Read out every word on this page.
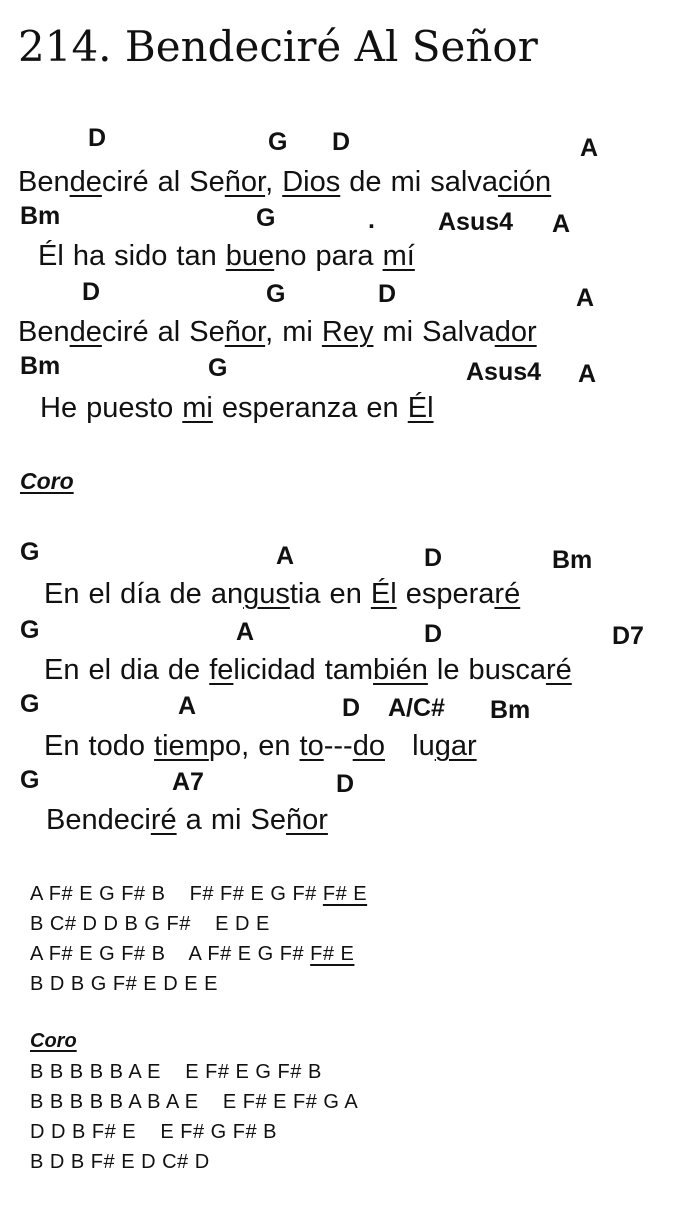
214. Bendeciré Al Señor
D	G D	A
Bendeciré al Señor, Dios de mi salvación
Bm	G	.	Asus4 A
Él ha sido tan bueno para mí
D	G	D	A
Bendeciré al Señor, mi Rey mi Salvador
Bm	G	Asus4 A
He puesto mi esperanza en Él
Coro
G	A	D	Bm
En el día de angustia en Él esperaré
G	A	D	D7
En el dia de felicidad también le buscaré
G	A	D A/C# Bm
En todo tiempo, en to---do   lugar
G	A7	D
Bendeciré a mi Señor
A F# E G F# B    F# F# E G F# F# E
B C# D D B G F#    E D E
A F# E G F# B    A F# E G F# F# E
B D B G F# E D E E
Coro
B B B B B A E    E F# E G F# B
B B B B B A B A E    E F# E F# G A
D D B F# E    E F# G F# B
B D B F# E D C# D
